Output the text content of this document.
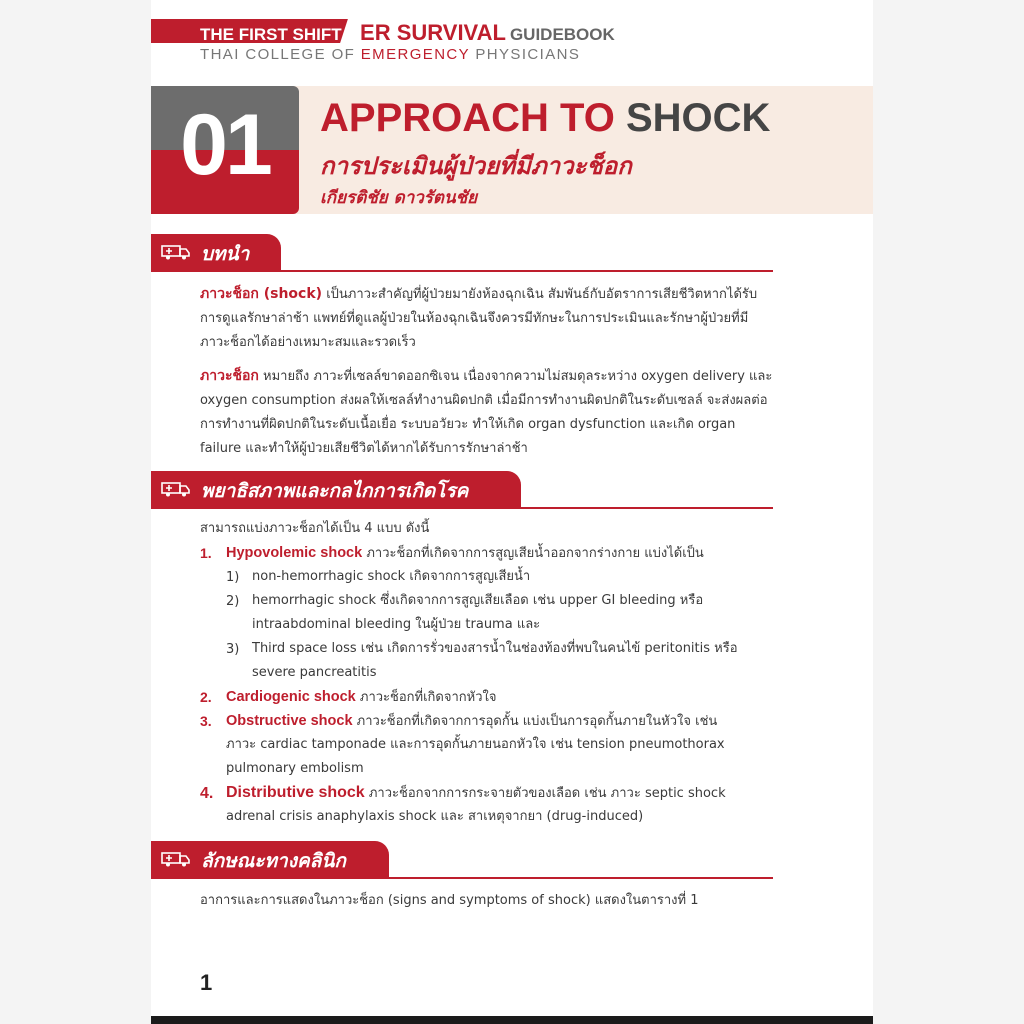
THE FIRST SHIFT : ER SURVIVAL GUIDEBOOK
THAI COLLEGE OF EMERGENCY PHYSICIANS
01	APPROACH TO SHOCK
การประเมินผู้ป่วยที่มีภาวะช็อก
เกียรติชัย ดาวรัตนชัย
บทนำ
ภาวะช็อก (shock) เป็นภาวะสำคัญที่ผู้ป่วยมายังห้องฉุกเฉิน สัมพันธ์กับอัตราการเสียชีวิตหากได้รับ
การดูแลรักษาล่าช้า แพทย์ที่ดูแลผู้ป่วยในห้องฉุกเฉินจึงควรมีทักษะในการประเมินและรักษาผู้ป่วยที่มี
ภาวะช็อกได้อย่างเหมาะสมและรวดเร็ว
ภาวะช็อก หมายถึง ภาวะที่เซลล์ขาดออกซิเจน เนื่องจากความไม่สมดุลระหว่าง oxygen delivery และ
oxygen consumption ส่งผลให้เซลล์ทำงานผิดปกติ เมื่อมีการทำงานผิดปกติในระดับเซลล์ จะส่งผลต่อ
การทำงานที่ผิดปกติในระดับเนื้อเยื่อ ระบบอวัยวะ ทำให้เกิด organ dysfunction และเกิด organ
failure และทำให้ผู้ป่วยเสียชีวิตได้หากได้รับการรักษาล่าช้า
พยาธิสภาพและกลไกการเกิดโรค
สามารถแบ่งภาวะช็อกได้เป็น 4 แบบ ดังนี้
1. Hypovolemic shock ภาวะช็อกที่เกิดจากการสูญเสียน้ำออกจากร่างกาย แบ่งได้เป็น
1) non-hemorrhagic shock เกิดจากการสูญเสียน้ำ
2) hemorrhagic shock ซึ่งเกิดจากการสูญเสียเลือด เช่น upper GI bleeding หรือ
intraabdominal bleeding ในผู้ป่วย trauma และ
3) Third space loss เช่น เกิดการรั่วของสารน้ำในช่องท้องที่พบในคนไข้ peritonitis หรือ
severe pancreatitis
2. Cardiogenic shock ภาวะช็อกที่เกิดจากหัวใจ
3. Obstructive shock ภาวะช็อกที่เกิดจากการอุดกั้น แบ่งเป็นการอุดกั้นภายในหัวใจ เช่น
ภาวะ cardiac tamponade และการอุดกั้นภายนอกหัวใจ เช่น tension pneumothorax
pulmonary embolism
4. Distributive shock ภาวะช็อกจากการกระจายตัวของเลือด เช่น ภาวะ septic shock
adrenal crisis anaphylaxis shock และ สาเหตุจากยา (drug-induced)
ลักษณะทางคลินิก
อาการและการแสดงในภาวะช็อก (signs and symptoms of shock) แสดงในตารางที่ 1
1
